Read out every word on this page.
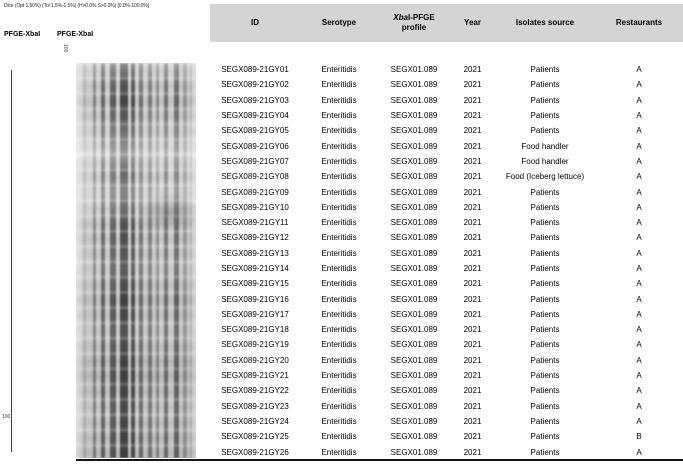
Dice (Opt 1.50%) (Tol 1.5%-1.5%) (H>0.0% S>0.0%) [0.0%-100.0%]
PFGE-XbaI PFGE-XbaI
100
100
ID	Serotype
XbaI-PFGE
profile
Year	Isolates source	Restaurants
SEGX089-21GY01	Enteritidis	SEGX01.089	2021	Patients	A
SEGX089-21GY02	Enteritidis	SEGX01.089	2021	Patients	A
SEGX089-21GY03	Enteritidis	SEGX01.089	2021	Patients	A
SEGX089-21GY04	Enteritidis	SEGX01.089	2021	Patients	A
SEGX089-21GY05	Enteritidis	SEGX01.089	2021	Patients	A
SEGX089-21GY06	Enteritidis	SEGX01.089	2021	Food handler	A
SEGX089-21GY07	Enteritidis	SEGX01.089	2021	Food handler	A
SEGX089-21GY08	Enteritidis	SEGX01.089	2021	Food (Iceberg lettuce)	A
SEGX089-21GY09	Enteritidis	SEGX01.089	2021	Patients	A
SEGX089-21GY10	Enteritidis	SEGX01.089	2021	Patients	A
SEGX089-21GY11	Enteritidis	SEGX01.089	2021	Patients	A
SEGX089-21GY12	Enteritidis	SEGX01.089	2021	Patients	A
SEGX089-21GY13	Enteritidis	SEGX01.089	2021	Patients	A
SEGX089-21GY14	Enteritidis	SEGX01.089	2021	Patients	A
SEGX089-21GY15	Enteritidis	SEGX01.089	2021	Patients	A
SEGX089-21GY16	Enteritidis	SEGX01.089	2021	Patients	A
SEGX089-21GY17	Enteritidis	SEGX01.089	2021	Patients	A
SEGX089-21GY18	Enteritidis	SEGX01.089	2021	Patients	A
SEGX089-21GY19	Enteritidis	SEGX01.089	2021	Patients	A
SEGX089-21GY20	Enteritidis	SEGX01.089	2021	Patients	A
SEGX089-21GY21	Enteritidis	SEGX01.089	2021	Patients	A
SEGX089-21GY22	Enteritidis	SEGX01.089	2021	Patients	A
SEGX089-21GY23	Enteritidis	SEGX01.089	2021	Patients	A
SEGX089-21GY24	Enteritidis	SEGX01.089	2021	Patients	A
SEGX089-21GY25	Enteritidis	SEGX01.089	2021	Patients	B
SEGX089-21GY26	Enteritidis	SEGX01.089	2021	Patients	A
